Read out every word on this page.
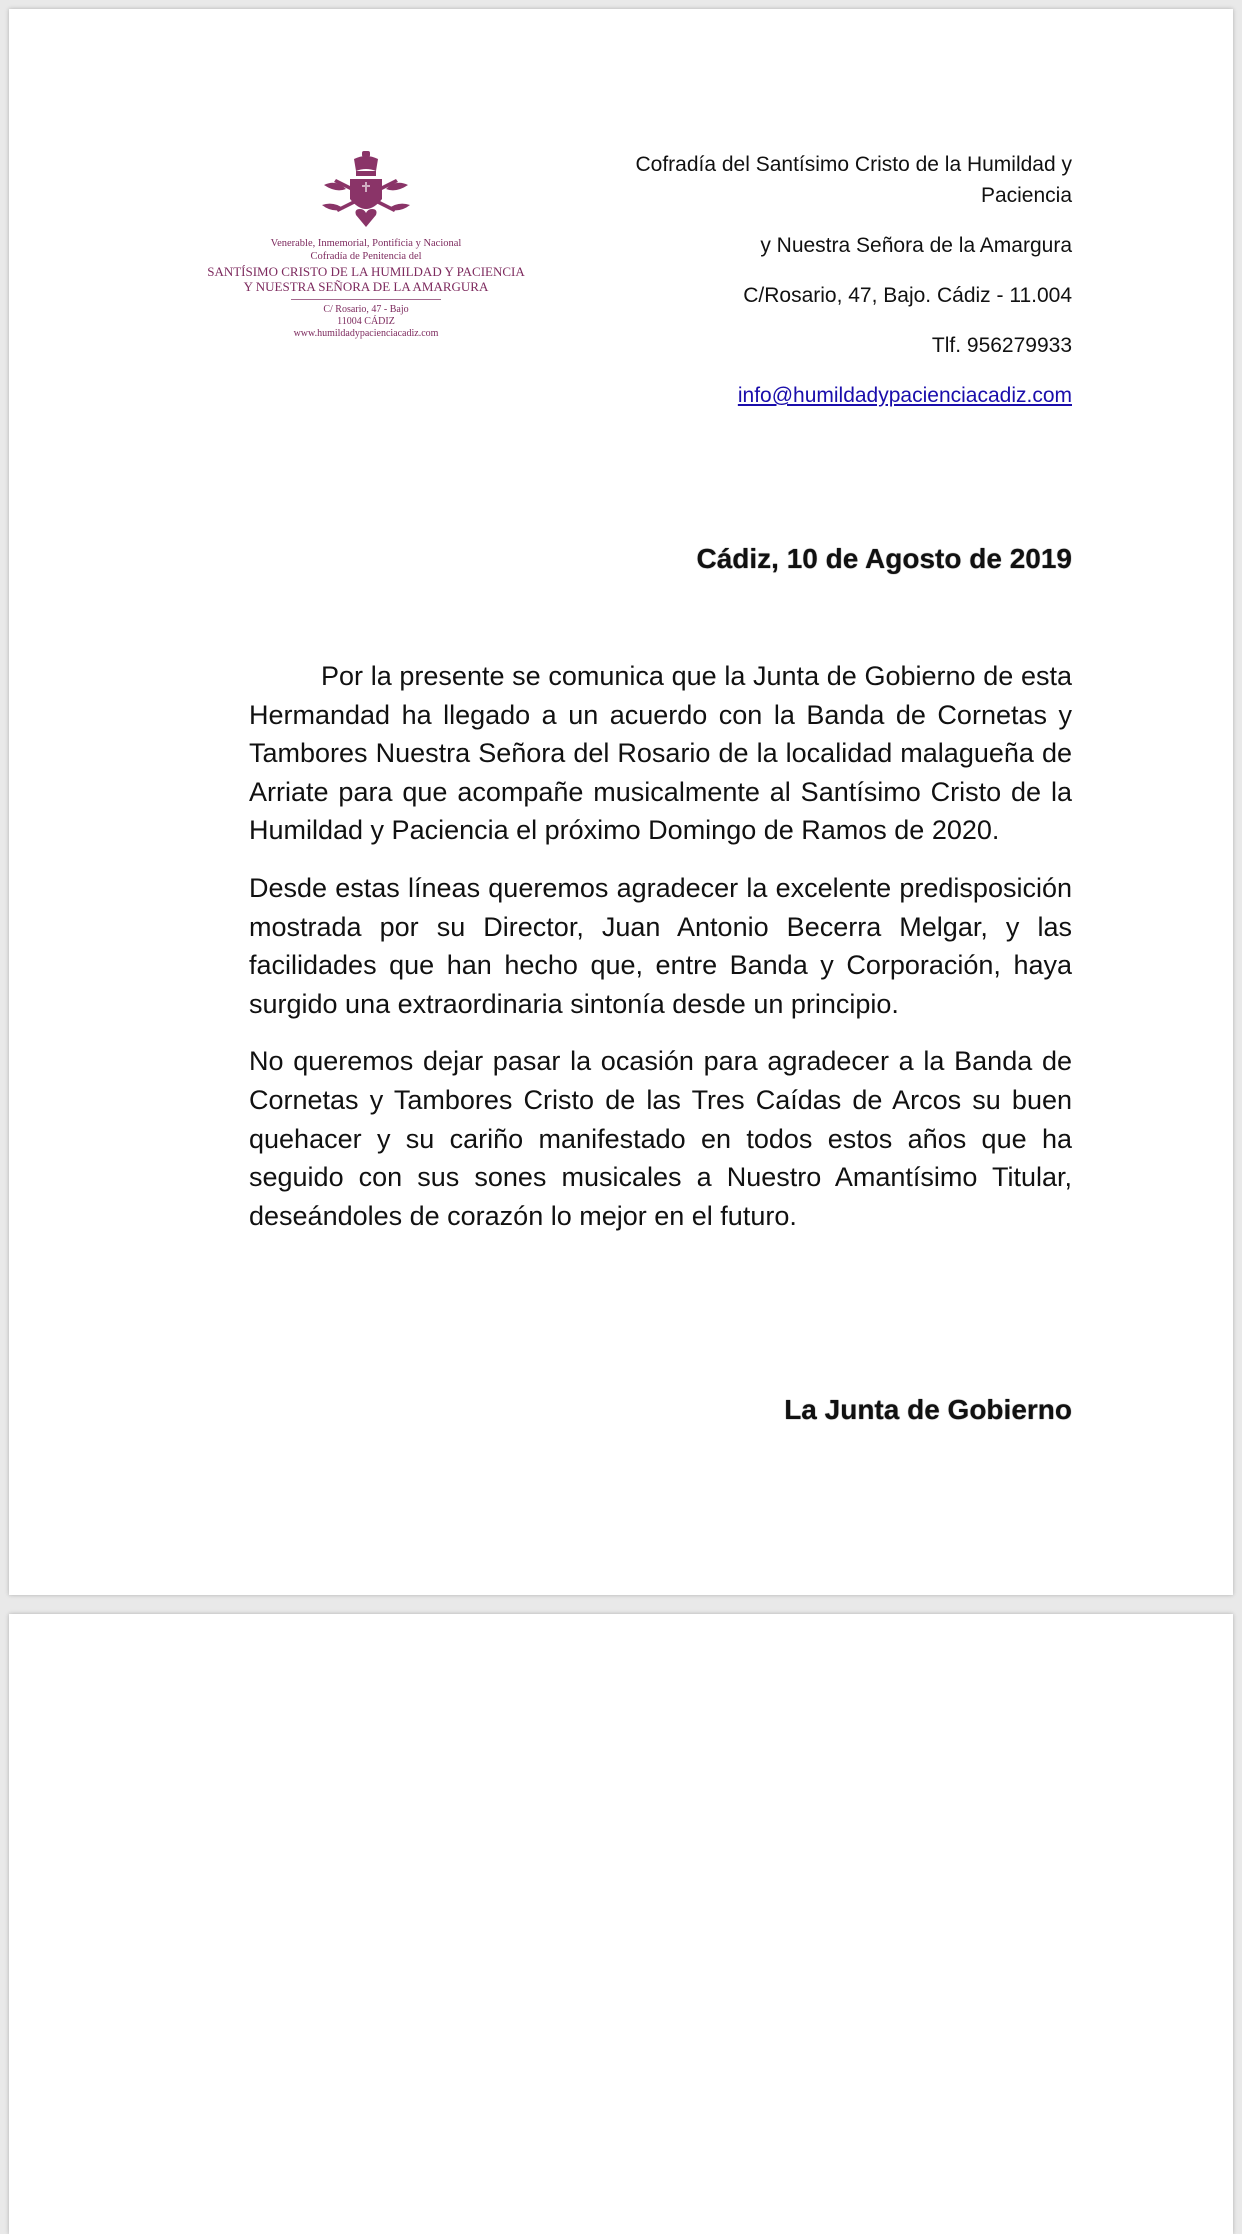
Venerable, Inmemorial, Pontificia y Nacional
Cofradía de Penitencia del
SANTÍSIMO CRISTO DE LA HUMILDAD Y PACIENCIA
Y NUESTRA SEÑORA DE LA AMARGURA
C/ Rosario, 47 - Bajo
11004 CÁDIZ
www.humildadypacienciacadiz.com

Cofradía del Santísimo Cristo de la Humildad y Paciencia

y Nuestra Señora de la Amargura

C/Rosario, 47, Bajo. Cádiz - 11.004

Tlf. 956279933

info@humildadypacienciacadiz.com

Cádiz, 10 de Agosto de 2019

Por la presente se comunica que la Junta de Gobierno de esta Hermandad ha llegado a un acuerdo con la Banda de Cornetas y Tambores Nuestra Señora del Rosario de la localidad malagueña de Arriate para que acompañe musicalmente al Santísimo Cristo de la Humildad y Paciencia el próximo Domingo de Ramos de 2020.

Desde estas líneas queremos agradecer la excelente predisposición mostrada por su Director, Juan Antonio Becerra Melgar, y las facilidades que han hecho que, entre Banda y Corporación, haya surgido una extraordinaria sintonía desde un principio.

No queremos dejar pasar la ocasión para agradecer a la Banda de Cornetas y Tambores Cristo de las Tres Caídas de Arcos su buen quehacer y su cariño manifestado en todos estos años que ha seguido con sus sones musicales a Nuestro Amantísimo Titular, deseándoles de corazón lo mejor en el futuro.

La Junta de Gobierno
